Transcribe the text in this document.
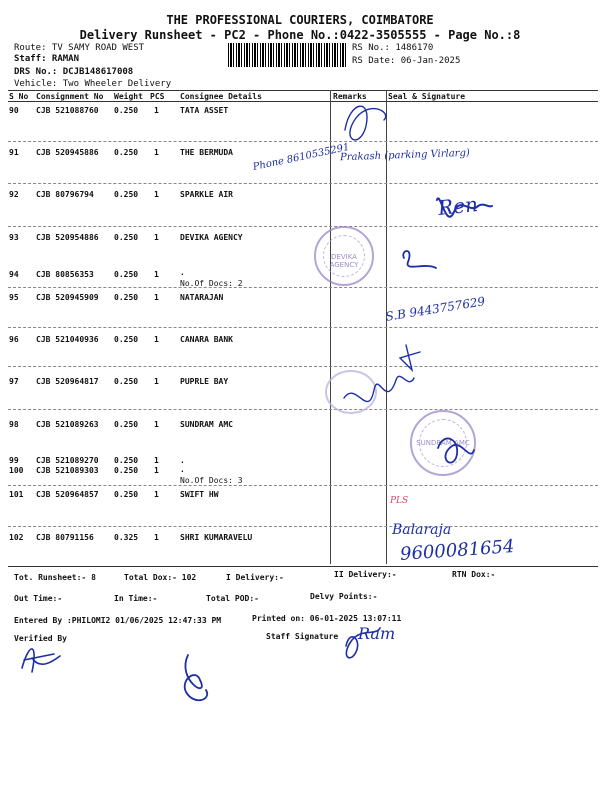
THE PROFESSIONAL COURIERS, COIMBATORE
Delivery Runsheet - PC2 - Phone No.:0422-3505555 - Page No.:8
Route: TV SAMY ROAD WEST
Staff: RAMAN
DRS No.: DCJB148617008
Vehicle: Two Wheeler Delivery
RS No.: 1486170
RS Date: 06-Jan-2025
S No Consignment No Weight PCS Consignee Details	Remarks	Seal & Signature
90 CJB 521088760 0.250 1	TATA ASSET
91 CJB 520945886 0.250 1	THE BERMUDA
92 CJB 80796794	0.250 1	SPARKLE AIR
93 CJB 520954886 0.250 1	DEVIKA AGENCY
94 CJB 80856353	0.250 1	.
No.Of Docs: 2
95 CJB 520945909 0.250 1	NATARAJAN
96 CJB 521040936 0.250 1	CANARA BANK
97 CJB 520964817 0.250 1	PUPRLE BAY
98 CJB 521089263 0.250 1	SUNDRAM AMC
99 CJB 521089270 0.250 1	.
100 CJB 521089303 0.250 1	.
No.Of Docs: 3
101 CJB 520964857 0.250 1	SWIFT HW
102 CJB 80791156	0.325 1	SHRI KUMARAVELU
DEVIKA AGENCY
SUNDRAM AMC
Phone 8610535291
Prakash (parking Virlarg)
Ren
S.B 9443757629
PLS
Balaraja
9600081654
Tot. Runsheet:- 8	Total Dox:- 102	I Delivery:-	II Delivery:-	RTN Dox:-
Out Time:-	In Time:-	Total POD:-	Delvy Points:-
Entered By :PHILOMI2 01/06/2025 12:47:33 PM	Printed on: 06-01-2025 13:07:11
Verified By	Staff Signature Ram
